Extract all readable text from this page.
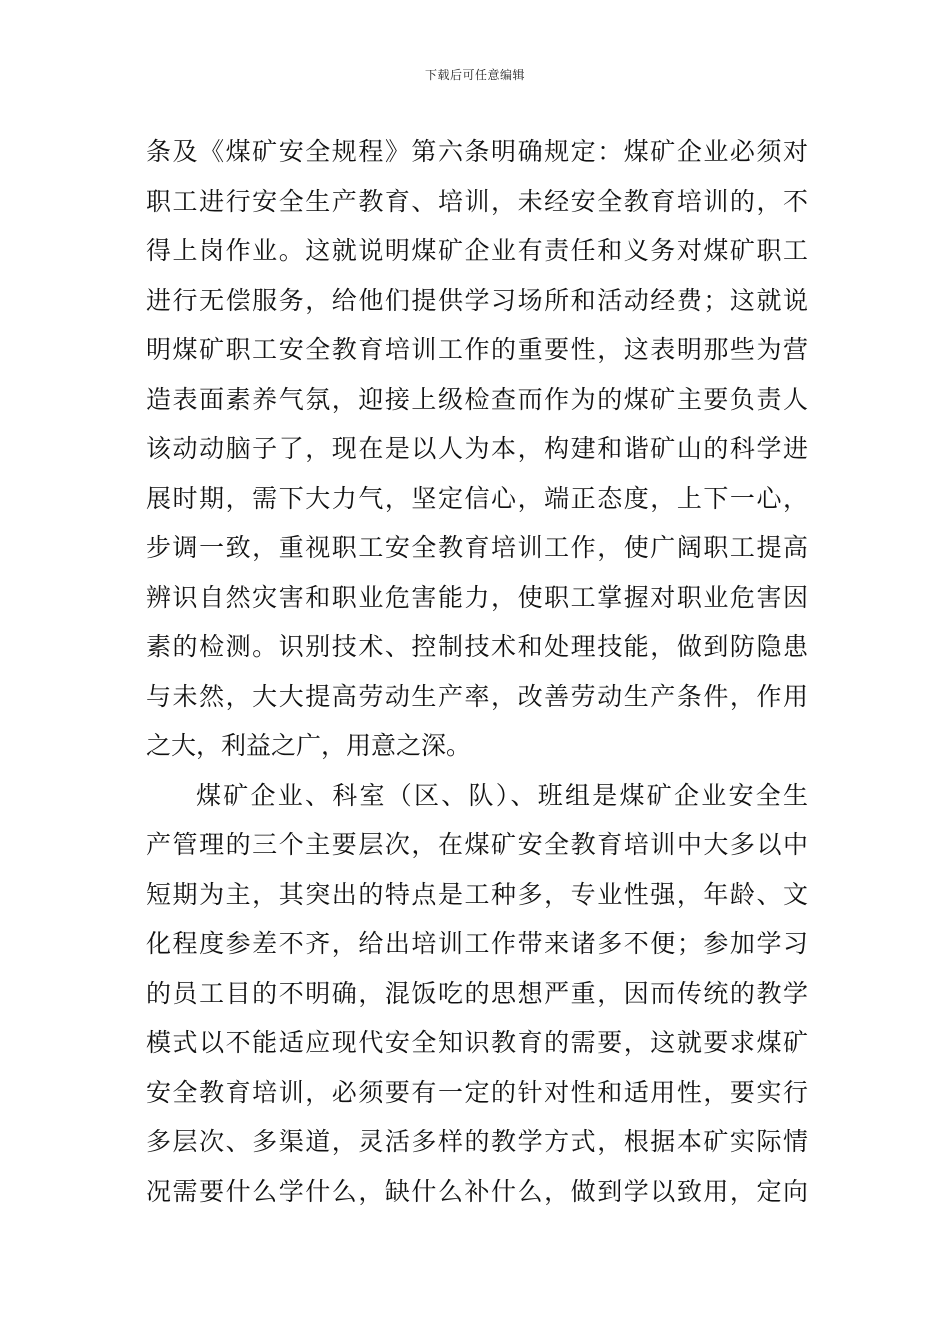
下载后可任意编辑
条及《煤矿安全规程》第六条明确规定：煤矿企业必须对
职工进行安全生产教育、培训，未经安全教育培训的，不
得上岗作业。这就说明煤矿企业有责任和义务对煤矿职工
进行无偿服务，给他们提供学习场所和活动经费；这就说
明煤矿职工安全教育培训工作的重要性，这表明那些为营
造表面素养气氛，迎接上级检查而作为的煤矿主要负责人
该动动脑子了，现在是以人为本，构建和谐矿山的科学进
展时期，需下大力气，坚定信心，端正态度，上下一心，
步调一致，重视职工安全教育培训工作，使广阔职工提高
辨识自然灾害和职业危害能力，使职工掌握对职业危害因
素的检测。识别技术、控制技术和处理技能，做到防隐患
与未然，大大提高劳动生产率，改善劳动生产条件，作用
之大，利益之广，用意之深。
煤矿企业、科室（区、队）、班组是煤矿企业安全生
产管理的三个主要层次，在煤矿安全教育培训中大多以中
短期为主，其突出的特点是工种多，专业性强，年龄、文
化程度参差不齐，给出培训工作带来诸多不便；参加学习
的员工目的不明确，混饭吃的思想严重，因而传统的教学
模式以不能适应现代安全知识教育的需要，这就要求煤矿
安全教育培训，必须要有一定的针对性和适用性，要实行
多层次、多渠道，灵活多样的教学方式，根据本矿实际情
况需要什么学什么，缺什么补什么，做到学以致用，定向
